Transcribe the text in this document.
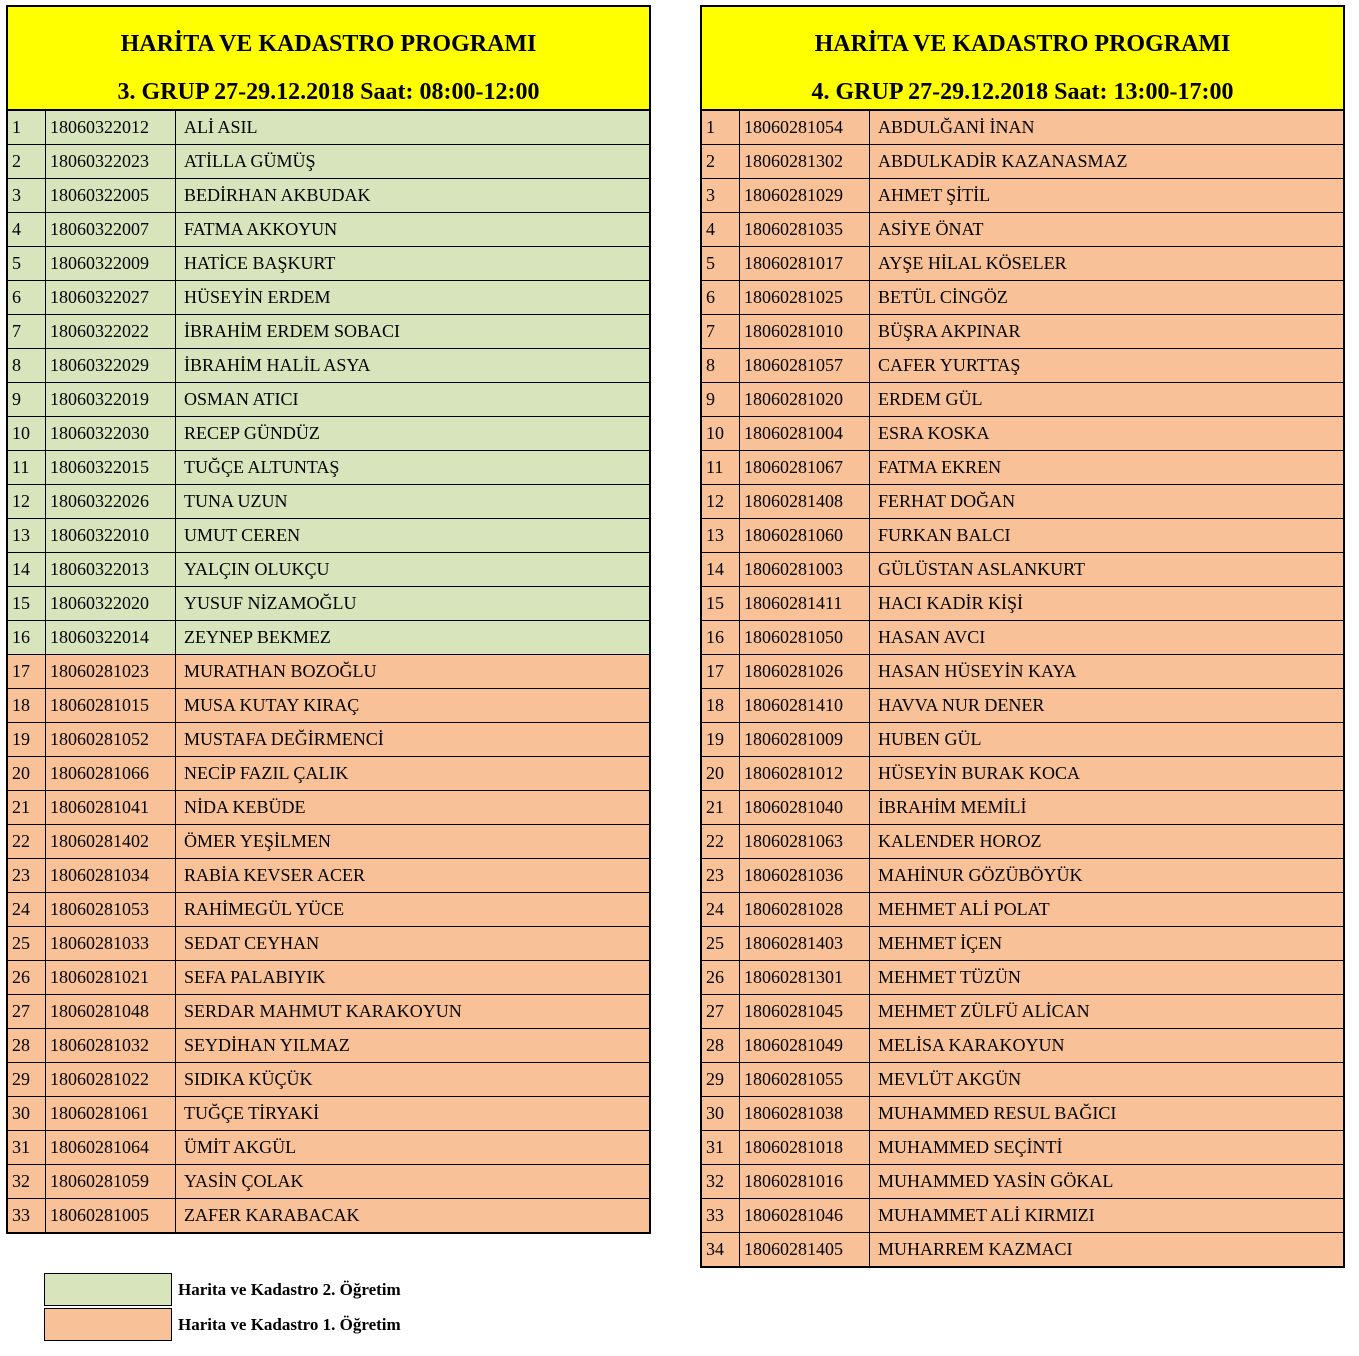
HARİTA VE KADASTRO PROGRAMI
3. GRUP 27-29.12.2018 Saat: 08:00-12:00
1	18060322012	ALİ ASIL
2	18060322023	ATİLLA GÜMÜŞ
3	18060322005	BEDİRHAN AKBUDAK
4	18060322007	FATMA AKKOYUN
5	18060322009	HATİCE BAŞKURT
6	18060322027	HÜSEYİN ERDEM
7	18060322022	İBRAHİM ERDEM SOBACI
8	18060322029	İBRAHİM HALİL ASYA
9	18060322019	OSMAN ATICI
10	18060322030	RECEP GÜNDÜZ
11	18060322015	TUĞÇE ALTUNTAŞ
12	18060322026	TUNA UZUN
13	18060322010	UMUT CEREN
14	18060322013	YALÇIN OLUKÇU
15	18060322020	YUSUF NİZAMOĞLU
16	18060322014	ZEYNEP BEKMEZ
17	18060281023	MURATHAN BOZOĞLU
18	18060281015	MUSA KUTAY KIRAÇ
19	18060281052	MUSTAFA DEĞİRMENCİ
20	18060281066	NECİP FAZIL ÇALIK
21	18060281041	NİDA KEBÜDE
22	18060281402	ÖMER YEŞİLMEN
23	18060281034	RABİA KEVSER ACER
24	18060281053	RAHİMEGÜL YÜCE
25	18060281033	SEDAT CEYHAN
26	18060281021	SEFA PALABIYIK
27	18060281048	SERDAR MAHMUT KARAKOYUN
28	18060281032	SEYDİHAN YILMAZ
29	18060281022	SIDIKA KÜÇÜK
30	18060281061	TUĞÇE TİRYAKİ
31	18060281064	ÜMİT AKGÜL
32	18060281059	YASİN ÇOLAK
33	18060281005	ZAFER KARABACAK
HARİTA VE KADASTRO PROGRAMI
4. GRUP 27-29.12.2018 Saat: 13:00-17:00
1	18060281054	ABDULĞANİ İNAN
2	18060281302	ABDULKADİR KAZANASMAZ
3	18060281029	AHMET ŞİTİL
4	18060281035	ASİYE ÖNAT
5	18060281017	AYŞE HİLAL KÖSELER
6	18060281025	BETÜL CİNGÖZ
7	18060281010	BÜŞRA AKPINAR
8	18060281057	CAFER YURTTAŞ
9	18060281020	ERDEM GÜL
10	18060281004	ESRA KOSKA
11	18060281067	FATMA EKREN
12	18060281408	FERHAT DOĞAN
13	18060281060	FURKAN BALCI
14	18060281003	GÜLÜSTAN ASLANKURT
15	18060281411	HACI KADİR KİŞİ
16	18060281050	HASAN AVCI
17	18060281026	HASAN HÜSEYİN KAYA
18	18060281410	HAVVA NUR DENER
19	18060281009	HUBEN GÜL
20	18060281012	HÜSEYİN BURAK KOCA
21	18060281040	İBRAHİM MEMİLİ
22	18060281063	KALENDER HOROZ
23	18060281036	MAHİNUR GÖZÜBÖYÜK
24	18060281028	MEHMET ALİ POLAT
25	18060281403	MEHMET İÇEN
26	18060281301	MEHMET TÜZÜN
27	18060281045	MEHMET ZÜLFÜ ALİCAN
28	18060281049	MELİSA KARAKOYUN
29	18060281055	MEVLÜT AKGÜN
30	18060281038	MUHAMMED RESUL BAĞICI
31	18060281018	MUHAMMED SEÇİNTİ
32	18060281016	MUHAMMED YASİN GÖKAL
33	18060281046	MUHAMMET ALİ KIRMIZI
34	18060281405	MUHARREM KAZMACI
Harita ve Kadastro 2. Öğretim
Harita ve Kadastro 1. Öğretim
